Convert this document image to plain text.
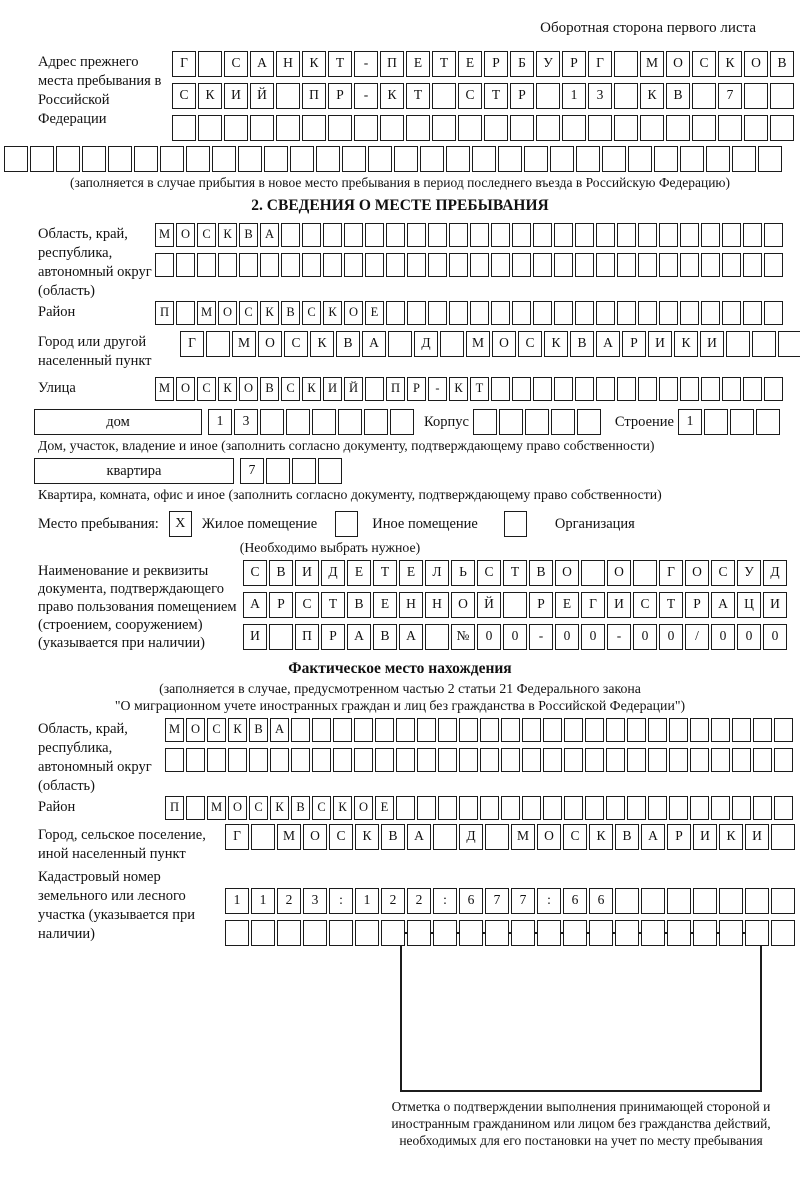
Оборотная сторона первого листа
Адрес прежнего места пребывания в Российской Федерации
Г	С	А	Н	К	Т	-	П	Е	Т	Е	Р	Б	У	Р	Г	М	О	С	К	О	В
С	К	И	Й	П	Р	-	К	Т	С	Т	Р	1	3	К	В	7
(заполняется в случае прибытия в новое место пребывания в период последнего въезда в Российскую Федерацию)
2. СВЕДЕНИЯ О МЕСТЕ ПРЕБЫВАНИЯ
Область, край, республика, автономный округ (область)
М О С	К	В А
Район	П	М О С	К	В	С	К О	Е
Город или другой населенный пункт
Г	М	О	С	К	В	А	Д	М	О	С	К	В	А	Р	И	К	И
Улица	М О С	К О В	С	К И Й	П	Р	-	К	Т
дом	1	3	Корпус	Строение 1
Дом, участок, владение и иное (заполнить согласно документу, подтверждающему право собственности)
квартира	7
Квартира, комната, офис и иное (заполнить согласно документу, подтверждающему право собственности)
Место пребывания:	X	Жилое помещение	Иное помещение	Организация
(Необходимо выбрать нужное)
Наименование и реквизиты документа, подтверждающего право пользования помещением (строением, сооружением) (указывается при наличии)
С	В	И	Д	Е	Т	Е	Л	Ь	С	Т	В	О	О	Г	О	С	У	Д
А	Р	С	Т	В	Е	Н	Н	О	Й	Р	Е	Г	И	С	Т	Р	А	Ц	И
И	П	Р	А	В	А	№	0	0	-	0	0	-	0	0	/	0	0	0
Фактическое место нахождения
(заполняется в случае, предусмотренном частью 2 статьи 21 Федерального закона
"О миграционном учете иностранных граждан и лиц без гражданства в Российской Федерации")
Область, край, республика, автономный округ (область)
М О С	К	В А
Район	П	М О С	К	В	С	К О	Е
Город, сельское поселение, иной населенный пункт
Г	М	О	С	К	В	А	Д	М	О	С	К	В	А	Р	И	К	И
Кадастровый номер земельного или лесного участка (указывается при наличии)
1	1	2	3	:	1	2	2	:	6	7	7	:	6	6
Отметка о подтверждении выполнения принимающей стороной и иностранным гражданином или лицом без гражданства действий, необходимых для его постановки на учет по месту пребывания
